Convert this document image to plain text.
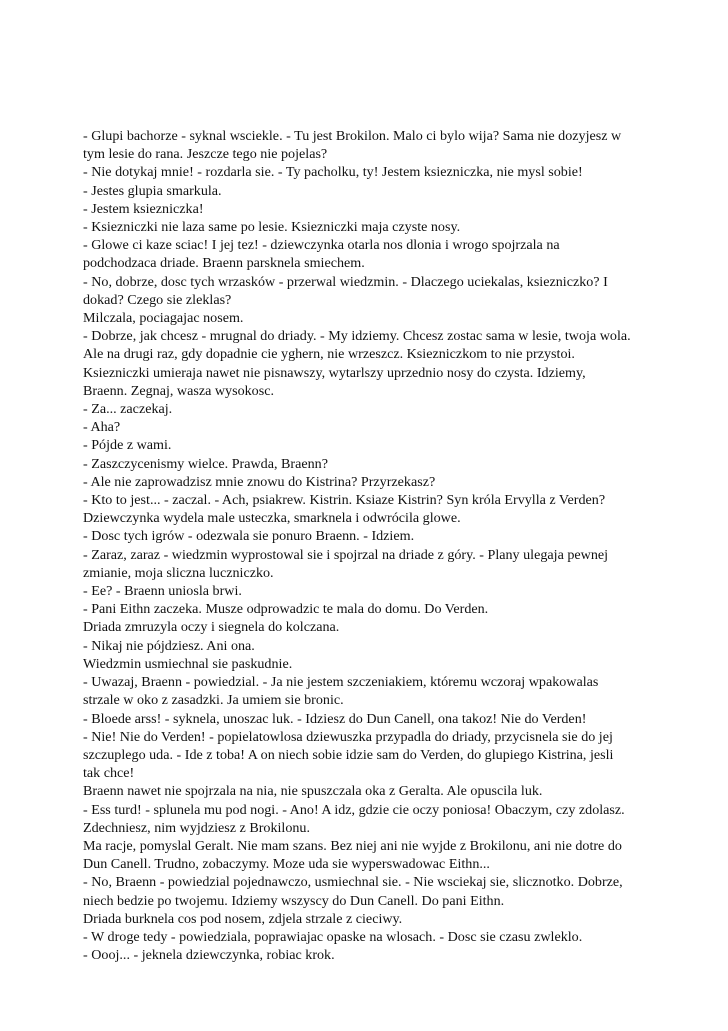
- Glupi bachorze - syknal wsciekle. - Tu jest Brokilon. Malo ci bylo wija? Sama nie dozyjesz w
tym lesie do rana. Jeszcze tego nie pojelas?
- Nie dotykaj mnie! - rozdarla sie. - Ty pacholku, ty! Jestem ksiezniczka, nie mysl sobie!
- Jestes glupia smarkula.
- Jestem ksiezniczka!
- Ksiezniczki nie laza same po lesie. Ksiezniczki maja czyste nosy.
- Glowe ci kaze sciac! I jej tez! - dziewczynka otarla nos dlonia i wrogo spojrzala na
podchodzaca driade. Braenn parsknela smiechem.
- No, dobrze, dosc tych wrzasków - przerwal wiedzmin. - Dlaczego uciekalas, ksiezniczko? I
dokad? Czego sie zleklas?
Milczala, pociagajac nosem.
- Dobrze, jak chcesz - mrugnal do driady. - My idziemy. Chcesz zostac sama w lesie, twoja wola.
Ale na drugi raz, gdy dopadnie cie yghern, nie wrzeszcz. Ksiezniczkom to nie przystoi.
Ksiezniczki umieraja nawet nie pisnawszy, wytarlszy uprzednio nosy do czysta. Idziemy,
Braenn. Zegnaj, wasza wysokosc.
- Za... zaczekaj.
- Aha?
- Pójde z wami.
- Zaszczycenismy wielce. Prawda, Braenn?
- Ale nie zaprowadzisz mnie znowu do Kistrina? Przyrzekasz?
- Kto to jest... - zaczal. - Ach, psiakrew. Kistrin. Ksiaze Kistrin? Syn króla Ervylla z Verden?
Dziewczynka wydela male usteczka, smarknela i odwrócila glowe.
- Dosc tych igrów - odezwala sie ponuro Braenn. - Idziem.
- Zaraz, zaraz - wiedzmin wyprostowal sie i spojrzal na driade z góry. - Plany ulegaja pewnej
zmianie, moja sliczna luczniczko.
- Ee? - Braenn uniosla brwi.
- Pani Eithn zaczeka. Musze odprowadzic te mala do domu. Do Verden.
Driada zmruzyla oczy i siegnela do kolczana.
- Nikaj nie pójdziesz. Ani ona.
Wiedzmin usmiechnal sie paskudnie.
- Uwazaj, Braenn - powiedzial. - Ja nie jestem szczeniakiem, któremu wczoraj wpakowalas
strzale w oko z zasadzki. Ja umiem sie bronic.
- Bloede arss! - syknela, unoszac luk. - Idziesz do Dun Canell, ona takoz! Nie do Verden!
- Nie! Nie do Verden! - popielatowlosa dziewuszka przypadla do driady, przycisnela sie do jej
szczuplego uda. - Ide z toba! A on niech sobie idzie sam do Verden, do glupiego Kistrina, jesli
tak chce!
Braenn nawet nie spojrzala na nia, nie spuszczala oka z Geralta. Ale opuscila luk.
- Ess turd! - splunela mu pod nogi. - Ano! A idz, gdzie cie oczy poniosa! Obaczym, czy zdolasz.
Zdechniesz, nim wyjdziesz z Brokilonu.
Ma racje, pomyslal Geralt. Nie mam szans. Bez niej ani nie wyjde z Brokilonu, ani nie dotre do
Dun Canell. Trudno, zobaczymy. Moze uda sie wyperswadowac Eithn...
- No, Braenn - powiedzial pojednawczo, usmiechnal sie. - Nie wsciekaj sie, slicznotko. Dobrze,
niech bedzie po twojemu. Idziemy wszyscy do Dun Canell. Do pani Eithn.
Driada burknela cos pod nosem, zdjela strzale z cieciwy.
- W droge tedy - powiedziala, poprawiajac opaske na wlosach. - Dosc sie czasu zwleklo.
- Oooj... - jeknela dziewczynka, robiac krok.
